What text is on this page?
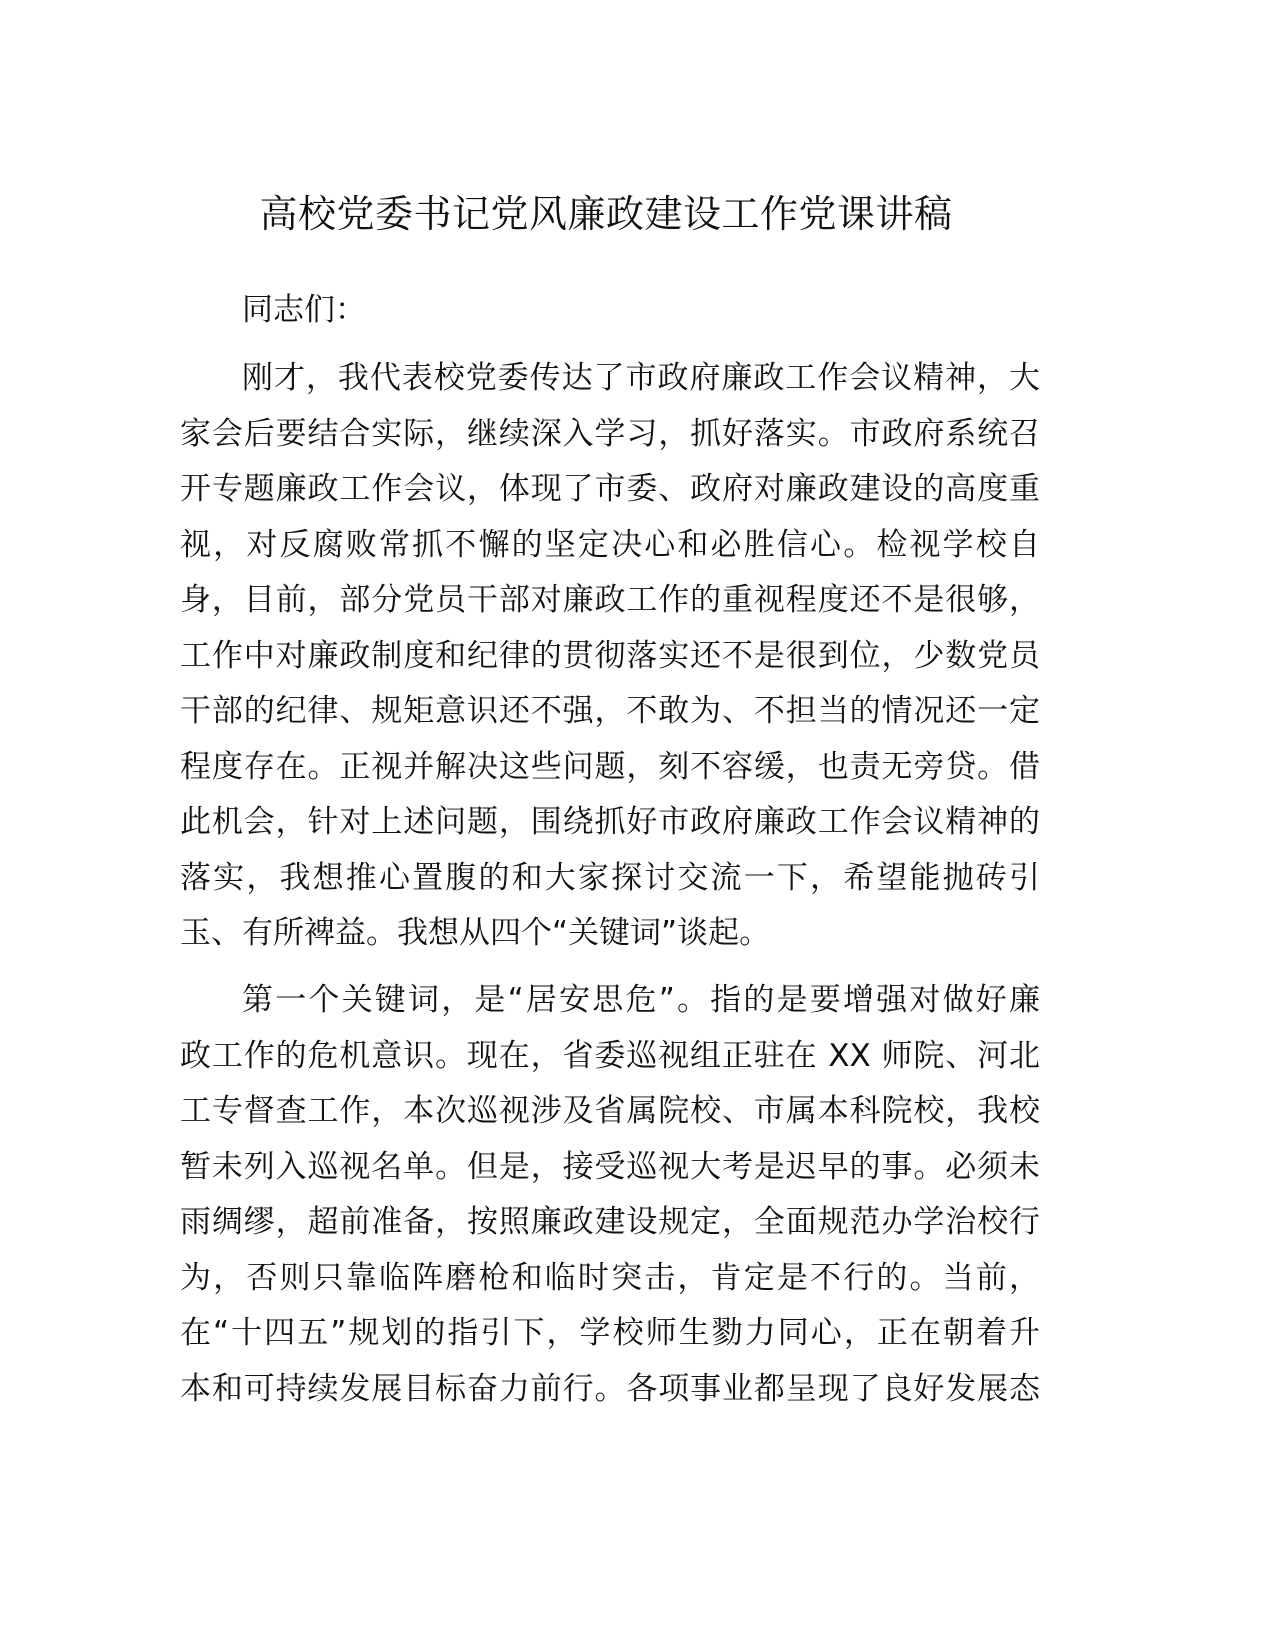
高校党委书记党风廉政建设工作党课讲稿
同志们：
刚才，我代表校党委传达了市政府廉政工作会议精神，大
家会后要结合实际，继续深入学习，抓好落实。市政府系统召
开专题廉政工作会议，体现了市委、政府对廉政建设的高度重
视，对反腐败常抓不懈的坚定决心和必胜信心。检视学校自
身，目前，部分党员干部对廉政工作的重视程度还不是很够，
工作中对廉政制度和纪律的贯彻落实还不是很到位，少数党员
干部的纪律、规矩意识还不强，不敢为、不担当的情况还一定
程度存在。正视并解决这些问题，刻不容缓，也责无旁贷。借
此机会，针对上述问题，围绕抓好市政府廉政工作会议精神的
落实，我想推心置腹的和大家探讨交流一下，希望能抛砖引
玉、有所裨益。我想从四个“关键词”谈起。
第一个关键词，是“居安思危”。指的是要增强对做好廉
政工作的危机意识。现在，省委巡视组正驻在 XX 师院、河北
工专督查工作，本次巡视涉及省属院校、市属本科院校，我校
暂未列入巡视名单。但是，接受巡视大考是迟早的事。必须未
雨绸缪，超前准备，按照廉政建设规定，全面规范办学治校行
为，否则只靠临阵磨枪和临时突击，肯定是不行的。当前，
在“十四五”规划的指引下，学校师生勠力同心，正在朝着升
本和可持续发展目标奋力前行。各项事业都呈现了良好发展态
